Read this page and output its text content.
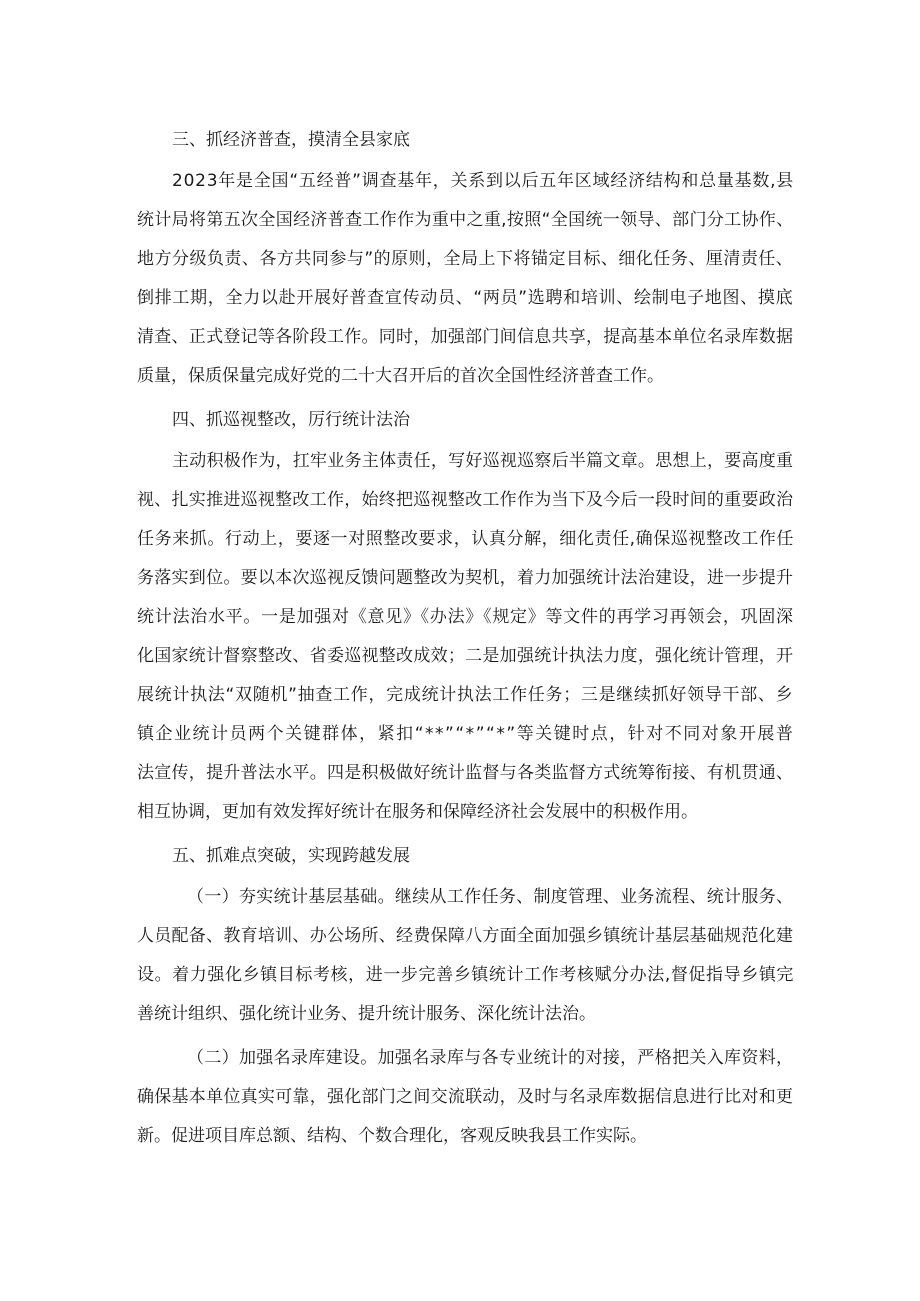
三、抓经济普查，摸清全县家底

2023年是全国“五经普”调查基年，关系到以后五年区域经济结构和总量基数,县

统计局将第五次全国经济普查工作作为重中之重,按照“全国统一领导、部门分工协作、

地方分级负责、各方共同参与”的原则，全局上下将锚定目标、细化任务、厘清责任、

倒排工期，全力以赴开展好普查宣传动员、“两员”选聘和培训、绘制电子地图、摸底

清查、正式登记等各阶段工作。同时，加强部门间信息共享，提高基本单位名录库数据

质量，保质保量完成好党的二十大召开后的首次全国性经济普查工作。

四、抓巡视整改，厉行统计法治

主动积极作为，扛牢业务主体责任，写好巡视巡察后半篇文章。思想上，要高度重

视、扎实推进巡视整改工作，始终把巡视整改工作作为当下及今后一段时间的重要政治

任务来抓。行动上，要逐一对照整改要求，认真分解，细化责任,确保巡视整改工作任

务落实到位。要以本次巡视反馈问题整改为契机，着力加强统计法治建设，进一步提升

统计法治水平。一是加强对《意见》《办法》《规定》等文件的再学习再领会，巩固深

化国家统计督察整改、省委巡视整改成效；二是加强统计执法力度，强化统计管理，开

展统计执法“双随机”抽查工作，完成统计执法工作任务；三是继续抓好领导干部、乡

镇企业统计员两个关键群体，紧扣“**”“*”“*”等关键时点，针对不同对象开展普

法宣传，提升普法水平。四是积极做好统计监督与各类监督方式统筹衔接、有机贯通、

相互协调，更加有效发挥好统计在服务和保障经济社会发展中的积极作用。

五、抓难点突破，实现跨越发展

（一）夯实统计基层基础。继续从工作任务、制度管理、业务流程、统计服务、

人员配备、教育培训、办公场所、经费保障八方面全面加强乡镇统计基层基础规范化建

设。着力强化乡镇目标考核，进一步完善乡镇统计工作考核赋分办法,督促指导乡镇完

善统计组织、强化统计业务、提升统计服务、深化统计法治。

（二）加强名录库建设。加强名录库与各专业统计的对接，严格把关入库资料，

确保基本单位真实可靠，强化部门之间交流联动，及时与名录库数据信息进行比对和更

新。促进项目库总额、结构、个数合理化，客观反映我县工作实际。
